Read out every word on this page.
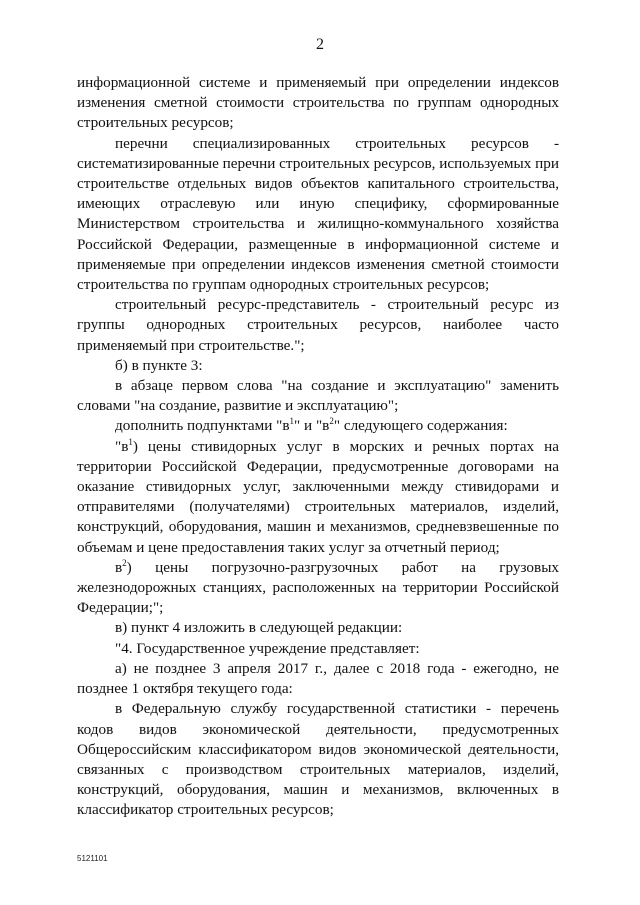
2

информационной системе и применяемый при определении индексов изменения сметной стоимости строительства по группам однородных строительных ресурсов;

перечни специализированных строительных ресурсов - систематизированные перечни строительных ресурсов, используемых при строительстве отдельных видов объектов капитального строительства, имеющих отраслевую или иную специфику, сформированные Министерством строительства и жилищно-коммунального хозяйства Российской Федерации, размещенные в информационной системе и применяемые при определении индексов изменения сметной стоимости строительства по группам однородных строительных ресурсов;

строительный ресурс-представитель - строительный ресурс из группы однородных строительных ресурсов, наиболее часто применяемый при строительстве.";

б) в пункте 3:

в абзаце первом слова "на создание и эксплуатацию" заменить словами "на создание, развитие и эксплуатацию";

дополнить подпунктами "$в^1$" и "$в^2$" следующего содержания:

"$в^1$) цены стивидорных услуг в морских и речных портах на территории Российской Федерации, предусмотренные договорами на оказание стивидорных услуг, заключенными между стивидорами и отправителями (получателями) строительных материалов, изделий, конструкций, оборудования, машин и механизмов, средневзвешенные по объемам и цене предоставления таких услуг за отчетный период;

$в^2$) цены погрузочно-разгрузочных работ на грузовых железнодорожных станциях, расположенных на территории Российской Федерации;";

в) пункт 4 изложить в следующей редакции:

"4. Государственное учреждение представляет:

а) не позднее 3 апреля 2017 г., далее с 2018 года - ежегодно, не позднее 1 октября текущего года:

в Федеральную службу государственной статистики - перечень кодов видов экономической деятельности, предусмотренных Общероссийским классификатором видов экономической деятельности, связанных с производством строительных материалов, изделий, конструкций, оборудования, машин и механизмов, включенных в классификатор строительных ресурсов;

5121101
